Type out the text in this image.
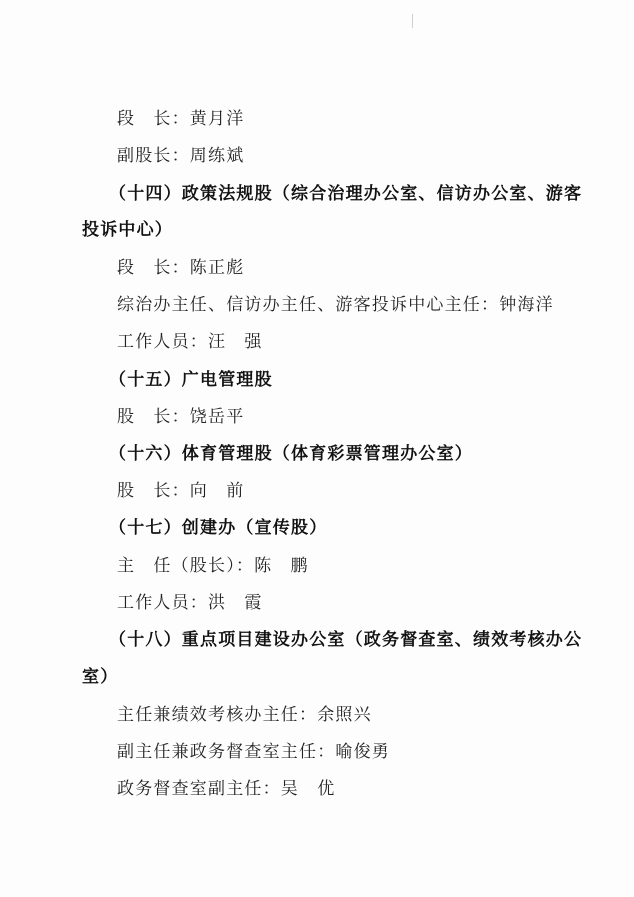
段　长：黄月洋
副股长：周练斌
（十四）政策法规股（综合治理办公室、信访办公室、游客
投诉中心）
段　长：陈正彪
综治办主任、信访办主任、游客投诉中心主任：钟海洋
工作人员：汪　强
（十五）广电管理股
股　长：饶岳平
（十六）体育管理股（体育彩票管理办公室）
股　长：向　前
（十七）创建办（宣传股）
主　任（股长）：陈　鹏
工作人员：洪　霞
（十八）重点项目建设办公室（政务督查室、绩效考核办公
室）
主任兼绩效考核办主任：余照兴
副主任兼政务督查室主任：喻俊勇
政务督查室副主任：吴　优
